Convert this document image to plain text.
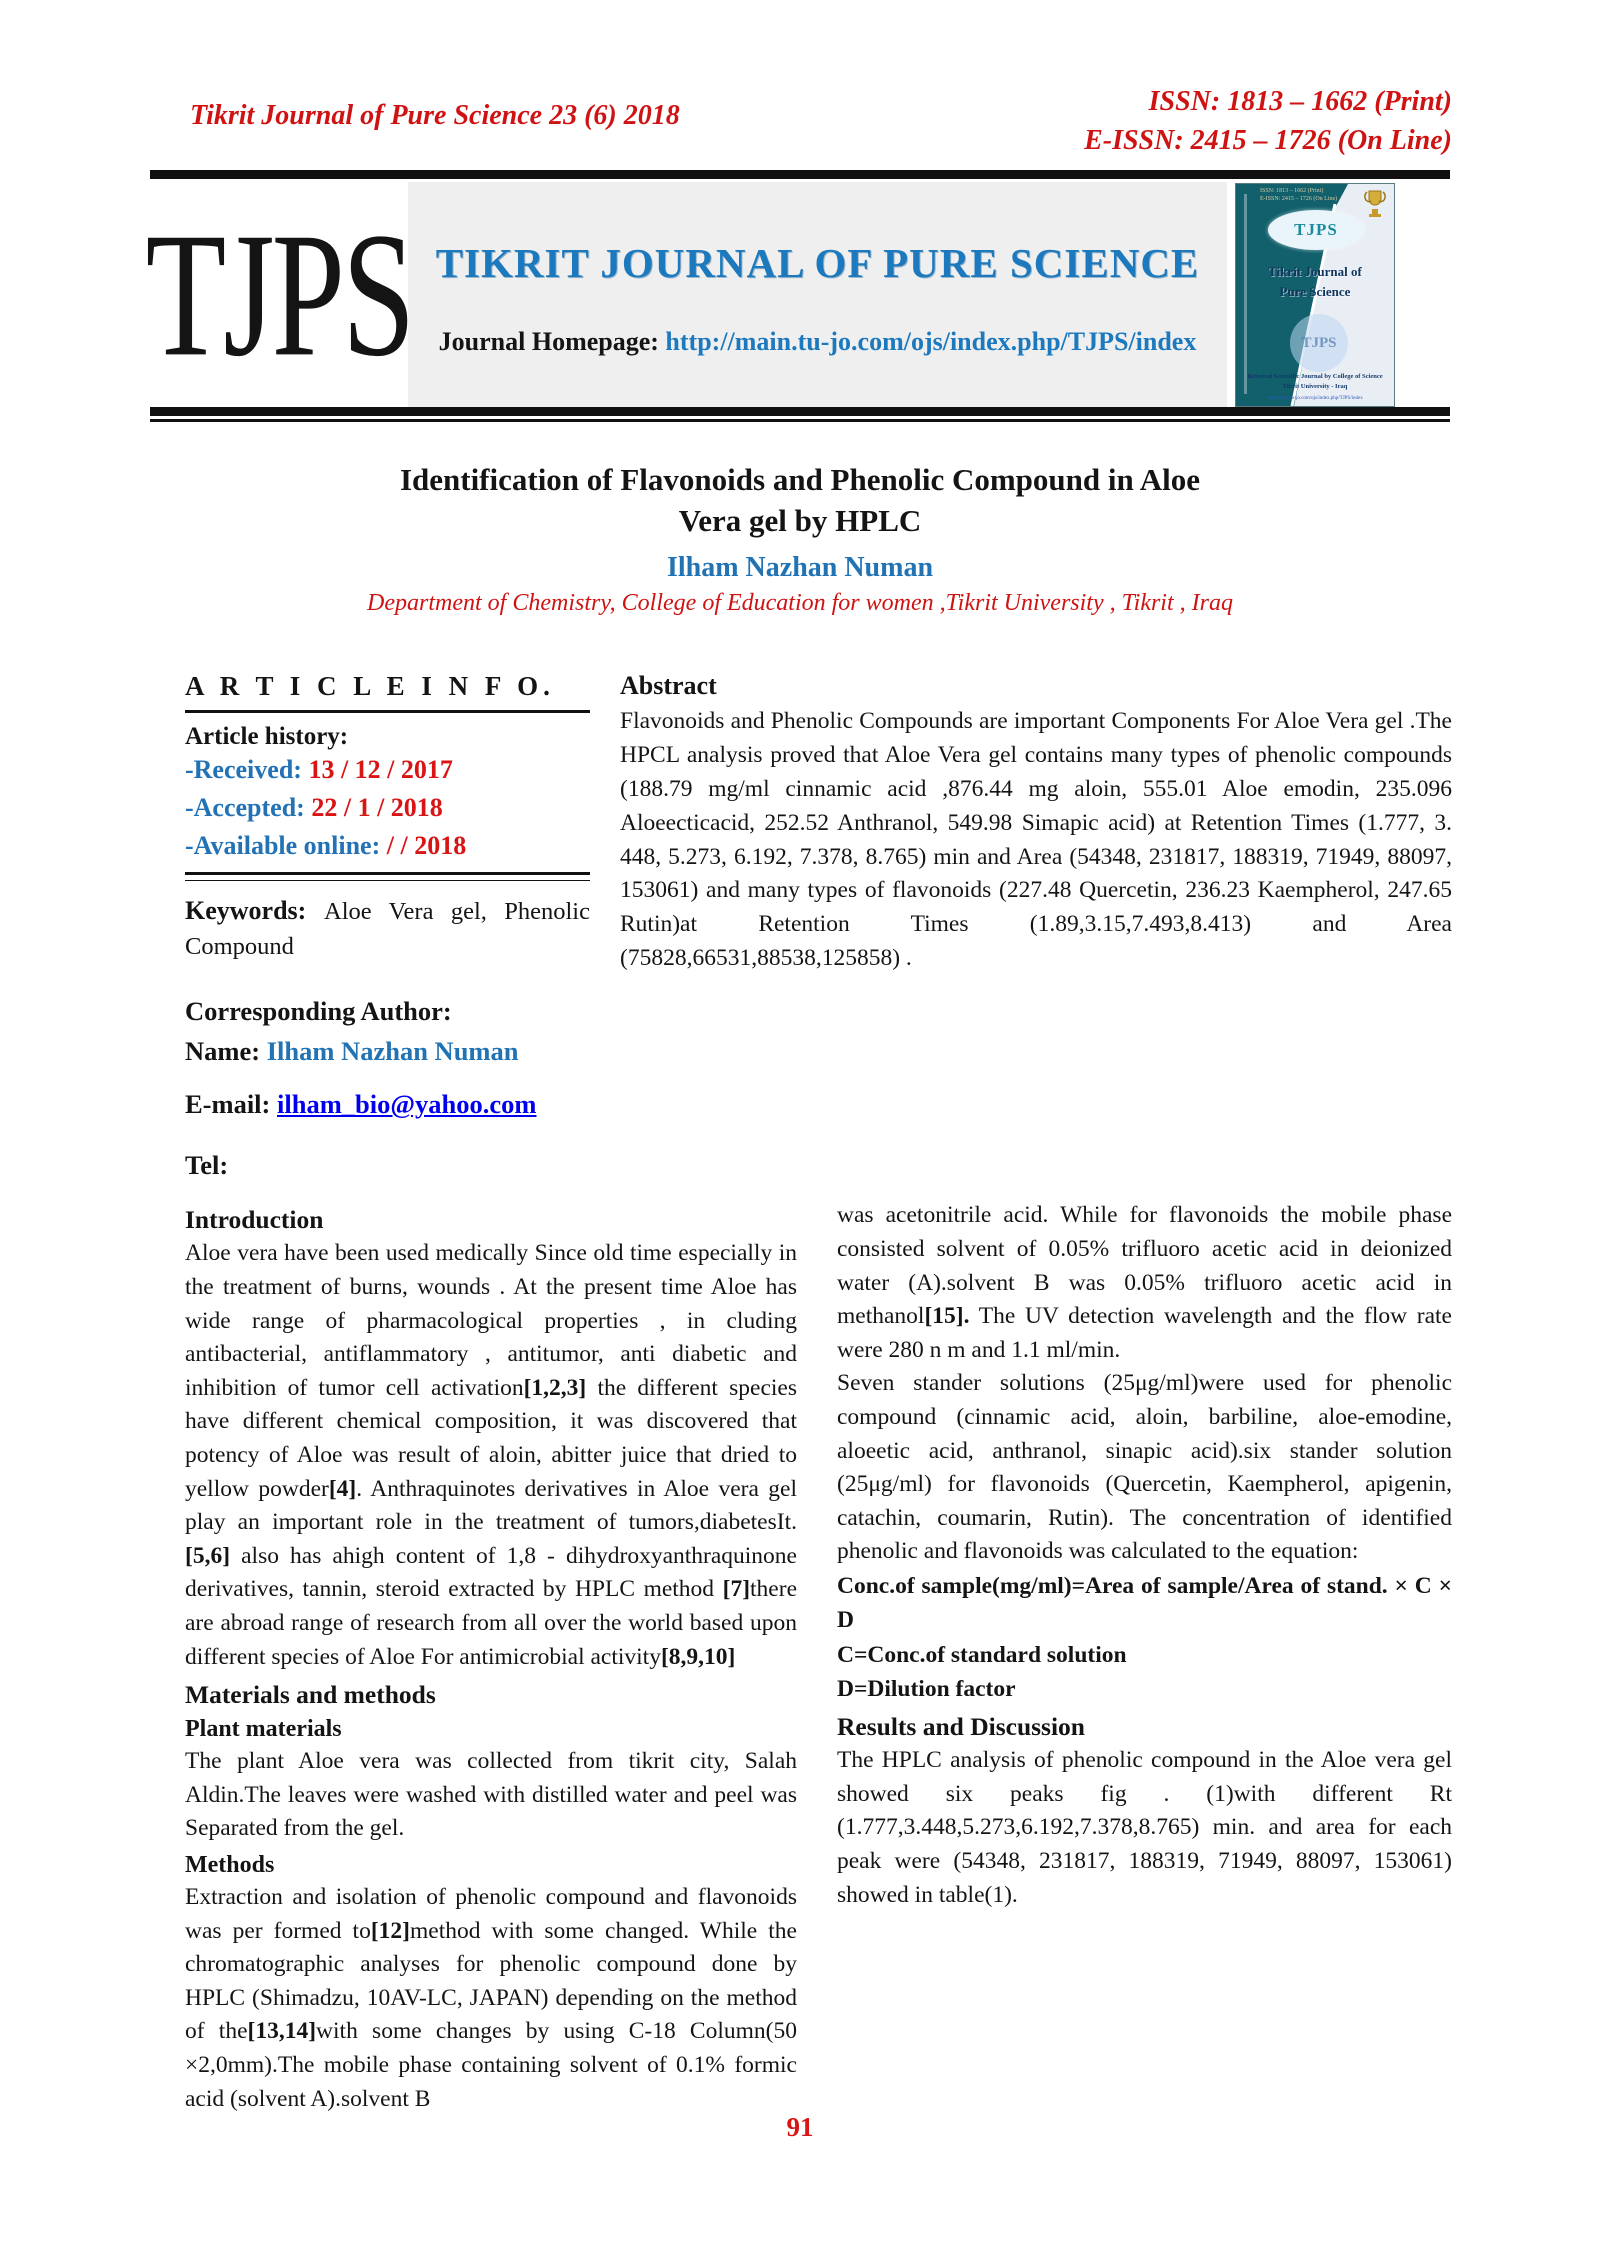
Tikrit Journal of Pure Science 23 (6) 2018	ISSN: 1813 – 1662 (Print)
E-ISSN: 2415 – 1726 (On Line)
TJPS TIKRIT JOURNAL OF PURE SCIENCE
Journal Homepage: http://main.tu-jo.com/ojs/index.php/TJPS/index
ISSN: 1813 – 1662 (Print)
E-ISSN: 2415 – 1726 (On Line)
TJPS
Tikrit Journal of
Pure Science
TJPS
Refereed Scientific Journal by College of Science
Tikrit University - Iraq
http://main.tu-jo.com/ojs/index.php/TJPS/index
Identification of Flavonoids and Phenolic Compound in Aloe
Vera gel by HPLC
Ilham Nazhan Numan
Department of Chemistry, College of Education for women ,Tikrit University , Tikrit , Iraq
A R T I C L E I N F O.
Article history:
-Received: 13 / 12 / 2017
-Accepted: 22 / 1 / 2018
-Available online: / / 2018

Keywords: Aloe Vera gel, Phenolic Compound

Corresponding Author:
Name: Ilham Nazhan Numan
E-mail: ilham_bio@yahoo.com
Tel:
Abstract

Flavonoids and Phenolic Compounds are important Components For Aloe Vera gel .The HPCL analysis proved that Aloe Vera gel contains many types of phenolic compounds (188.79 mg/ml cinnamic acid ,876.44 mg aloin, 555.01 Aloe emodin, 235.096 Aloeecticacid, 252.52 Anthranol, 549.98 Simapic acid) at Retention Times (1.777, 3. 448, 5.273, 6.192, 7.378, 8.765) min and Area (54348, 231817, 188319, 71949, 88097, 153061) and many types of flavonoids (227.48 Quercetin, 236.23 Kaempherol, 247.65 Rutin)at Retention Times (1.89,3.15,7.493,8.413) and Area (75828,66531,88538,125858) .

Introduction

Aloe vera have been used medically Since old time especially in the treatment of burns, wounds . At the present time Aloe has wide range of pharmacological properties , in cluding antibacterial, antiflammatory , antitumor, anti diabetic and inhibition of tumor cell activation[1,2,3] the different species have different chemical composition, it was discovered that potency of Aloe was result of aloin, abitter juice that dried to yellow powder[4]. Anthraquinotes derivatives in Aloe vera gel play an important role in the treatment of tumors,diabetesIt. [5,6] also has ahigh content of 1,8 - dihydroxyanthraquinone derivatives, tannin, steroid extracted by HPLC method [7]there are abroad range of research from all over the world based upon different species of Aloe For antimicrobial activity[8,9,10]

Materials and methods
Plant materials

The plant Aloe vera was collected from tikrit city, Salah Aldin.The leaves were washed with distilled water and peel was Separated from the gel.

Methods

Extraction and isolation of phenolic compound and flavonoids was per formed to[12]method with some changed. While the chromatographic analyses for phenolic compound done by HPLC (Shimadzu, 10AV-LC, JAPAN) depending on the method of the[13,14]with some changes by using C-18 Column(50 ×2,0mm).The mobile phase containing solvent of 0.1% formic acid (solvent A).solvent B

was acetonitrile acid. While for flavonoids the mobile phase consisted solvent of 0.05% trifluoro acetic acid in deionized water (A).solvent B was 0.05% trifluoro acetic acid in methanol[15]. The UV detection wavelength and the flow rate were 280 n m and 1.1 ml/min.

Seven stander solutions (25μg/ml)were used for phenolic compound (cinnamic acid, aloin, barbiline, aloe-emodine, aloeetic acid, anthranol, sinapic acid).six stander solution (25μg/ml) for flavonoids (Quercetin, Kaempherol, apigenin, catachin, coumarin, Rutin). The concentration of identified phenolic and flavonoids was calculated to the equation:

Conc.of sample(mg/ml)=Area of sample/Area of stand. × C × D

C=Conc.of standard solution

D=Dilution factor

Results and Discussion

The HPLC analysis of phenolic compound in the Aloe vera gel showed six peaks fig . (1)with different Rt (1.777,3.448,5.273,6.192,7.378,8.765) min. and area for each peak were (54348, 231817, 188319, 71949, 88097, 153061) showed in table(1).

91
